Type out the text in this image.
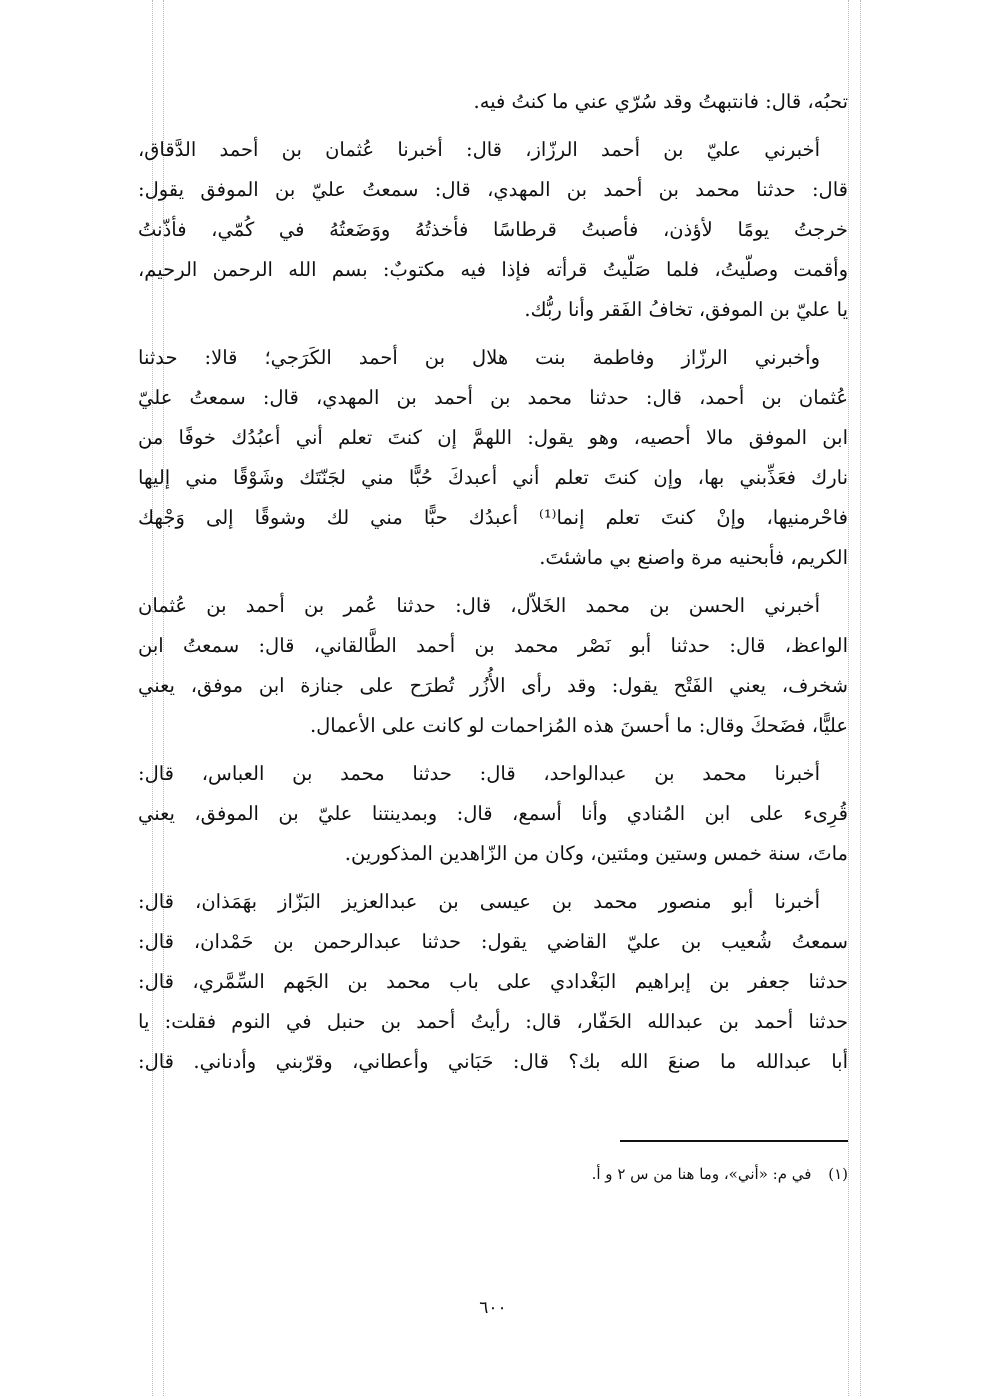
تحبُه، قال: فانتبهتُ وقد سُرّي عني ما كنتُ فيه.
أخبرني عليّ بن أحمد الرزّاز، قال: أخبرنا عُثمان بن أحمد الدَّقاق،
قال: حدثنا محمد بن أحمد بن المهدي، قال: سمعتُ عليّ بن الموفق يقول:
خرجتُ يومًا لأؤذن، فأصبتُ قرطاسًا فأخذتُهُ ووَضَعتُهُ في كُمّي، فأذّنتُ
وأقمت وصلّيتُ، فلما صَلّيتُ قرأته فإذا فيه مكتوبٌ: بسم الله الرحمن الرحيم،
يا عليّ بن الموفق، تخافُ الفَقر وأنا ربُّك.
وأخبرني الرزّاز وفاطمة بنت هلال بن أحمد الكَرَجي؛ قالا: حدثنا
عُثمان بن أحمد، قال: حدثنا محمد بن أحمد بن المهدي، قال: سمعتُ عليّ
ابن الموفق مالا أحصيه، وهو يقول: اللهمَّ إن كنتَ تعلم أني أعبُدُك خوفًا من
نارك فعَذِّبني بها، وإن كنتَ تعلم أني أعبدكَ حُبًّا مني لجَنّتَك وشَوْقًا مني إليها
فاحْرمنيها، وإنْ كنتَ تعلم إنما⁽¹⁾ أعبدُك حبًّا مني لك وشوقًا إلى وَجْهك
الكريم، فأبحنيه مرة واصنع بي ماشئتَ.
أخبرني الحسن بن محمد الخَلاّل، قال: حدثنا عُمر بن أحمد بن عُثمان
الواعظ، قال: حدثنا أبو نَصْر محمد بن أحمد الطَّالقاني، قال: سمعتُ ابن
شخرف، يعني الفَتْح يقول: وقد رأى الأُزُر تُطرَح على جنازة ابن موفق، يعني
عليًّا، فضَحكَ وقال: ما أحسنَ هذه المُزاحمات لو كانت على الأعمال.
أخبرنا محمد بن عبدالواحد، قال: حدثنا محمد بن العباس، قال:
قُرِىء على ابن المُنادي وأنا أسمع، قال: وبمدينتنا عليّ بن الموفق، يعني
ماتَ، سنة خمس وستين ومئتين، وكان من الزّاهدين المذكورين.
أخبرنا أبو منصور محمد بن عيسى بن عبدالعزيز البَزّاز بهَمَذان، قال:
سمعتُ شُعيب بن عليّ القاضي يقول: حدثنا عبدالرحمن بن حَمْدان، قال:
حدثنا جعفر بن إبراهيم البَغْدادي على باب محمد بن الجَهم السِّمَّري، قال:
حدثنا أحمد بن عبدالله الحَفّار، قال: رأيتُ أحمد بن حنبل في النوم فقلت: يا
أبا عبدالله ما صنعَ الله بك؟ قال: حَبَاني وأعطاني، وقرّبني وأدناني. قال:
(١) في م: «أني»، وما هنا من س ٢ و أ.
٦٠٠
